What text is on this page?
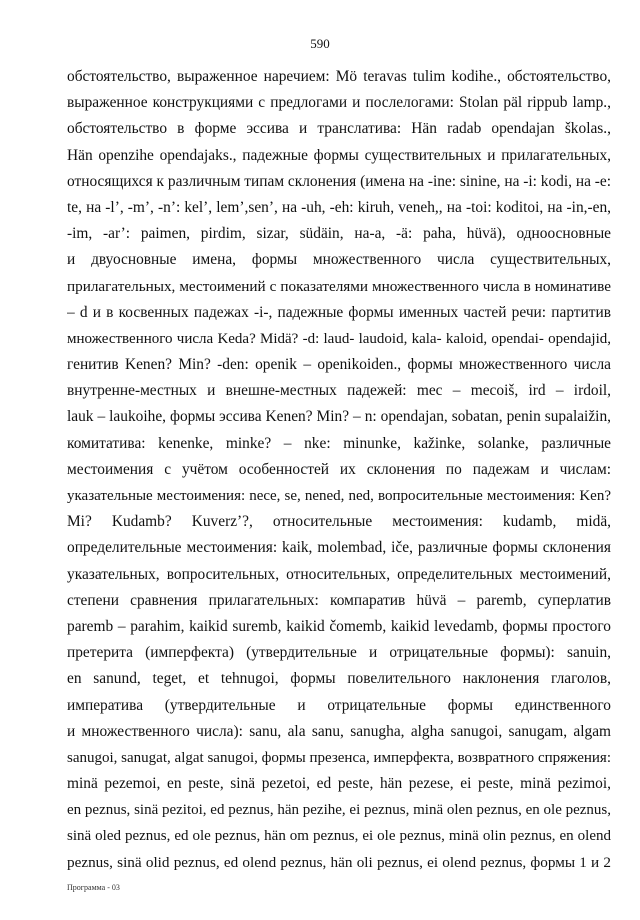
590
обстоятельство, выраженное наречием: Mö teravas tulim kodihe., обстоятельство,
выраженное конструкциями с предлогами и послелогами: Stolan päl rippub lamp.,
обстоятельство в форме эссива и транслатива: Hän radab opendajan školas.,
Hän openzihe opendajaks., падежные формы существительных и прилагательных,
относящихся к различным типам склонения (имена на -ine: sinine, на -i: kodi, на -e:
te, на -l’, -m’, -n’: kel’, lem’,sen’, на -uh, -eh: kiruh, veneh,, на -toi: koditoi, на -in,-en,
-im, -ar’: paimen, pirdim, sizar, südäin, на-a, -ä: paha, hüvä), одноосновные
и двуосновные имена, формы множественного числа существительных,
прилагательных, местоимений с показателями множественного числа в номинативе
– d и в косвенных падежах -i-, падежные формы именных частей речи: партитив
множественного числа Keda? Midä? -d: laud- laudoid, kala- kaloid, opendai- opendajid,
генитив Kenen? Min? -den: openik – openikoiden., формы множественного числа
внутренне-местных и внешне-местных падежей: mec – mecoiš, ird – irdoil,
lauk – laukoihe, формы эссива Kenen? Min? – n: opendajan, sobatan, penin supalaižin,
комитатива: kenenke, minke? – nke: minunke, kažinke, solanke, различные
местоимения с учётом особенностей их склонения по падежам и числам:
указательные местоимения: nece, se, nened, ned, вопросительные местоимения: Ken?
Mi? Kudamb? Kuverz’?, относительные местоимения: kudamb, midä,
определительные местоимения: kaik, molembad, iče, различные формы склонения
указательных, вопросительных, относительных, определительных местоимений,
степени сравнения прилагательных: компаратив hüvä – paremb, суперлатив
paremb – parahim, kaikid suremb, kaikid čomemb, kaikid levedamb, формы простого
претерита (имперфекта) (утвердительные и отрицательные формы): sanuin,
en sanund, teget, et tehnugoi, формы повелительного наклонения глаголов,
императива (утвердительные и отрицательные формы единственного
и множественного числа): sanu, ala sanu, sanugha, algha sanugoi, sanugam, algam
sanugoi, sanugat, algat sanugoi, формы презенса, имперфекта, возвратного спряжения:
minä pezemoi, en peste, sinä pezetoi, ed peste, hän pezese, ei peste, minä pezimoi,
en peznus, sinä pezitoi, ed peznus, hän pezihe, ei peznus, minä olen peznus, en ole peznus,
sinä oled peznus, ed ole peznus, hän om peznus, ei ole peznus, minä olin peznus, en olend
peznus, sinä olid peznus, ed olend peznus, hän oli peznus, ei olend peznus, формы 1 и 2
Программа - 03
